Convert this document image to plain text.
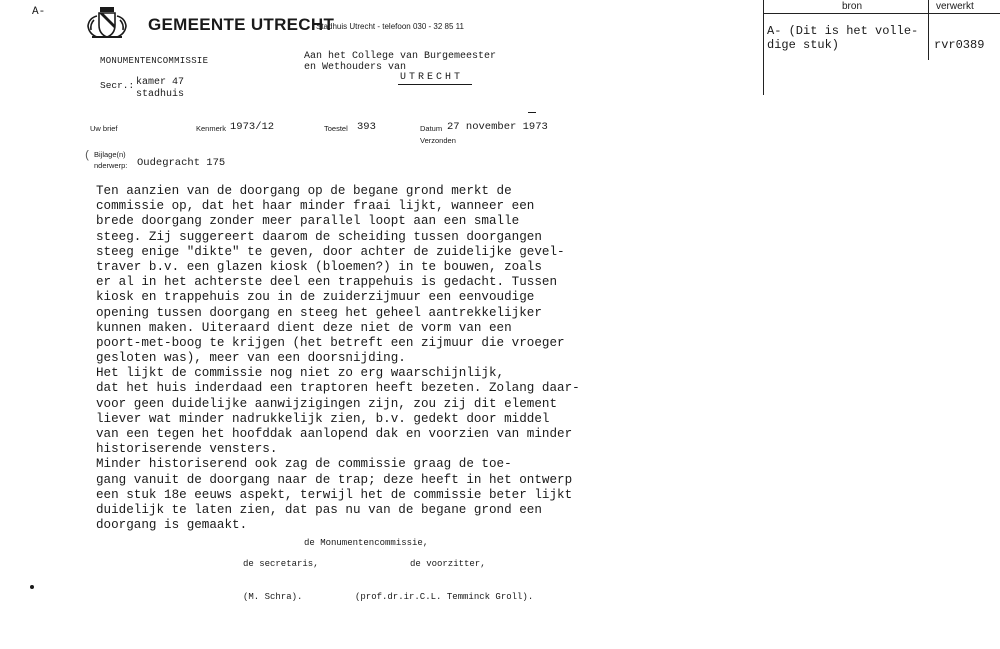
A-
GEMEENTE UTRECHT
Stadhuis Utrecht - telefoon 030 - 32 85 11
MONUMENTENCOMMISSIE
Secr.: kamer 47
stadhuis
Aan het College van Burgemeester
en Wethouders van
UTRECHT
Uw brief	Kenmerk 1973/12	Toestel 393	Datum 27 november 1973
Verzonden
( Bijlage(n)
nderwerp: Oudegracht 175
Ten aanzien van de doorgang op de begane grond merkt de
commissie op, dat het haar minder fraai lijkt, wanneer een
brede doorgang zonder meer parallel loopt aan een smalle
steeg. Zij suggereert daarom de scheiding tussen doorgangen
steeg enige "dikte" te geven, door achter de zuidelijke gevel-
traver b.v. een glazen kiosk (bloemen?) in te bouwen, zoals
er al in het achterste deel een trappehuis is gedacht. Tussen
kiosk en trappehuis zou in de zuiderzijmuur een eenvoudige
opening tussen doorgang en steeg het geheel aantrekkelijker
kunnen maken. Uiteraard dient deze niet de vorm van een
poort-met-boog te krijgen (het betreft een zijmuur die vroeger
gesloten was), meer van een doorsnijding.
Het lijkt de commissie nog niet zo erg waarschijnlijk,
dat het huis inderdaad een traptoren heeft bezeten. Zolang daar-
voor geen duidelijke aanwijzigingen zijn, zou zij dit element
liever wat minder nadrukkelijk zien, b.v. gedekt door middel
van een tegen het hoofddak aanlopend dak en voorzien van minder
historiserende vensters.
Minder historiserend ook zag de commissie graag de toe-
gang vanuit de doorgang naar de trap; deze heeft in het ontwerp
een stuk 18e eeuws aspekt, terwijl het de commissie beter lijkt
duidelijk te laten zien, dat pas nu van de begane grond een
doorgang is gemaakt.
de Monumentencommissie,
de secretaris,	de voorzitter,
(M. Schra).	(prof.dr.ir.C.L. Temminck Groll).
bron	verwerkt
A- (Dit is het volle-
dige stuk)	rvr0389
